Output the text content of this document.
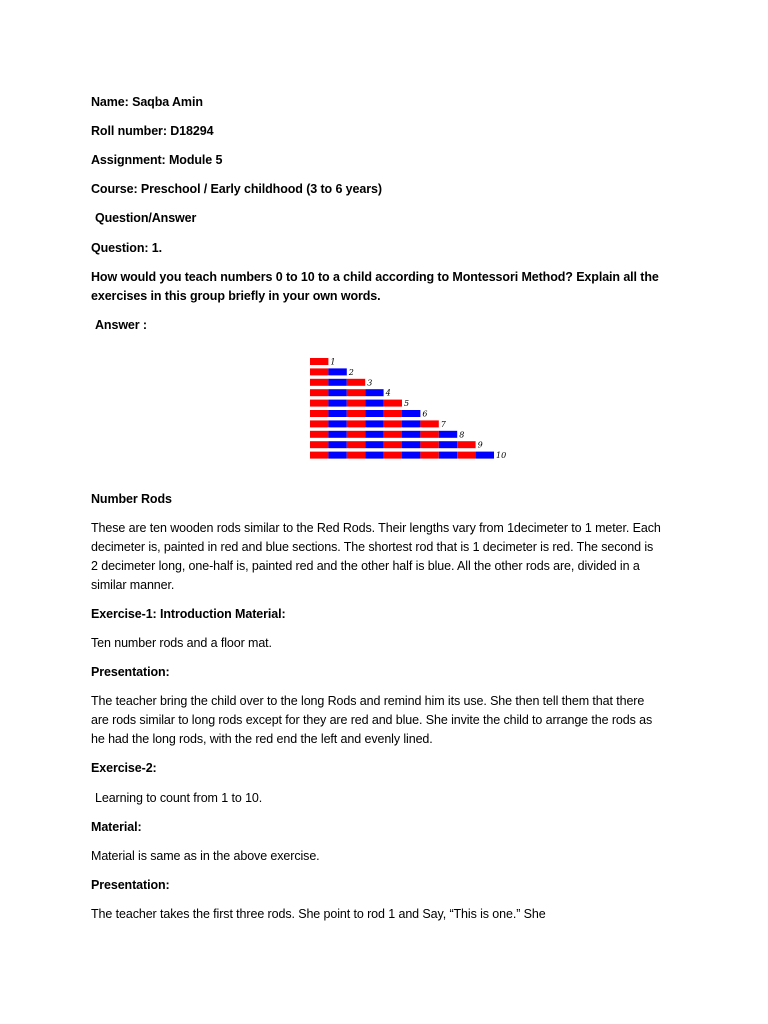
Name: Saqba Amin
Roll number: D18294
Assignment: Module 5
Course: Preschool / Early childhood (3 to 6 years)
Question/Answer
Question: 1.
How would you teach numbers 0 to 10 to a child according to Montessori Method? Explain all the
exercises in this group briefly in your own words.
Answer :
1
2
3
4
5
6
7
8
9
10
Number Rods
These are ten wooden rods similar to the Red Rods. Their lengths vary from 1decimeter to 1 meter. Each
decimeter is, painted in red and blue sections. The shortest rod that is 1 decimeter is red. The second is
2 decimeter long, one-half is, painted red and the other half is blue. All the other rods are, divided in a
similar manner.
Exercise-1: Introduction Material:
Ten number rods and a floor mat.
Presentation:
The teacher bring the child over to the long Rods and remind him its use. She then tell them that there
are rods similar to long rods except for they are red and blue. She invite the child to arrange the rods as
he had the long rods, with the red end the left and evenly lined.
Exercise-2:
Learning to count from 1 to 10.
Material:
Material is same as in the above exercise.
Presentation:
The teacher takes the first three rods. She point to rod 1 and Say, “This is one.” She
